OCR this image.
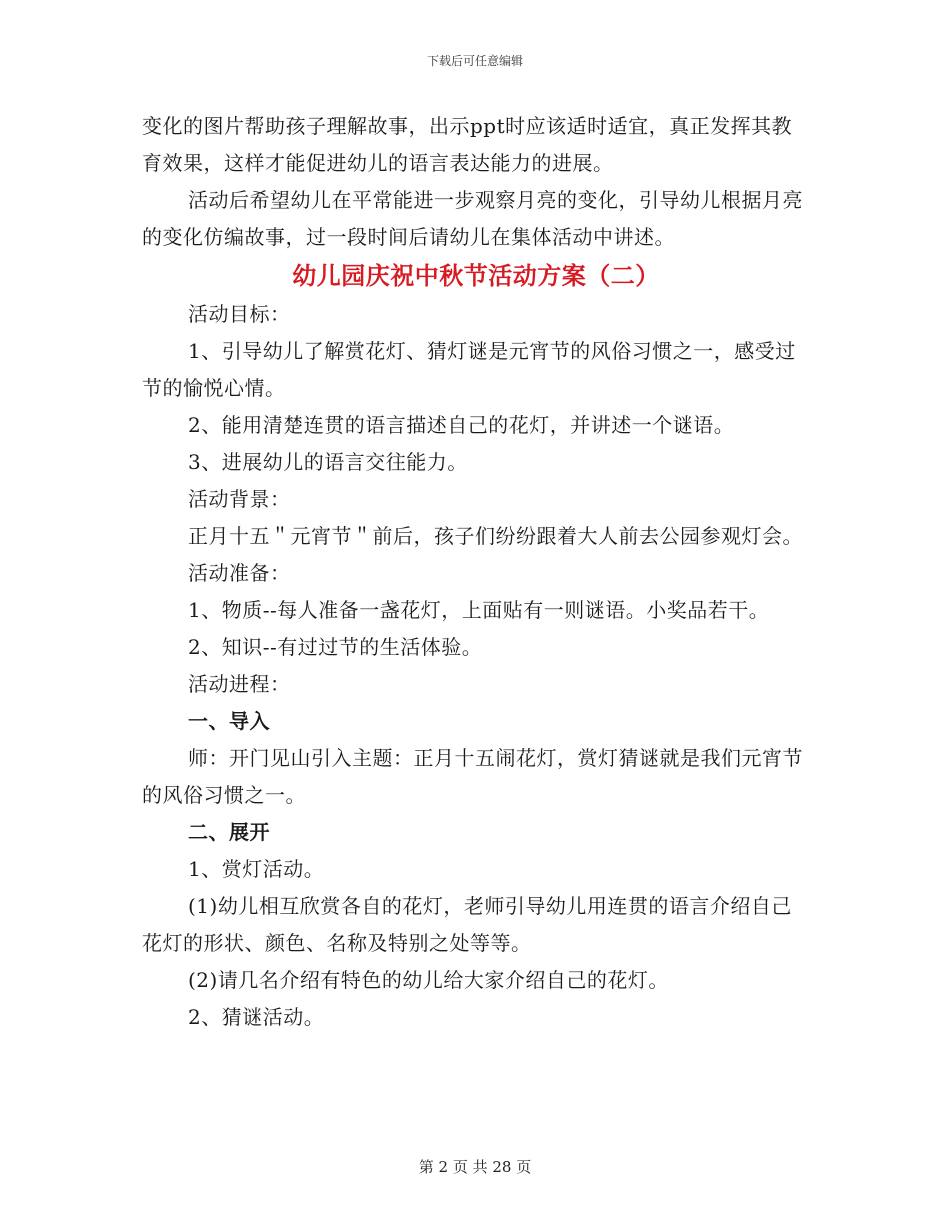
下载后可任意编辑

变化的图片帮助孩子理解故事，出示ppt时应该适时适宜，真正发挥其教育效果，这样才能促进幼儿的语言表达能力的进展。

活动后希望幼儿在平常能进一步观察月亮的变化，引导幼儿根据月亮的变化仿编故事，过一段时间后请幼儿在集体活动中讲述。

幼儿园庆祝中秋节活动方案（二）

活动目标：

1、引导幼儿了解赏花灯、猜灯谜是元宵节的风俗习惯之一，感受过节的愉悦心情。

2、能用清楚连贯的语言描述自己的花灯，并讲述一个谜语。

3、进展幼儿的语言交往能力。

活动背景：

正月十五＂元宵节＂前后，孩子们纷纷跟着大人前去公园参观灯会。

活动准备：

1、物质--每人准备一盏花灯，上面贴有一则谜语。小奖品若干。

2、知识--有过过节的生活体验。

活动进程：

一、导入

师：开门见山引入主题：正月十五闹花灯，赏灯猜谜就是我们元宵节的风俗习惯之一。

二、展开

1、赏灯活动。

(1)幼儿相互欣赏各自的花灯，老师引导幼儿用连贯的语言介绍自己花灯的形状、颜色、名称及特别之处等等。

(2)请几名介绍有特色的幼儿给大家介绍自己的花灯。

2、猜谜活动。

第 2 页 共 28 页
